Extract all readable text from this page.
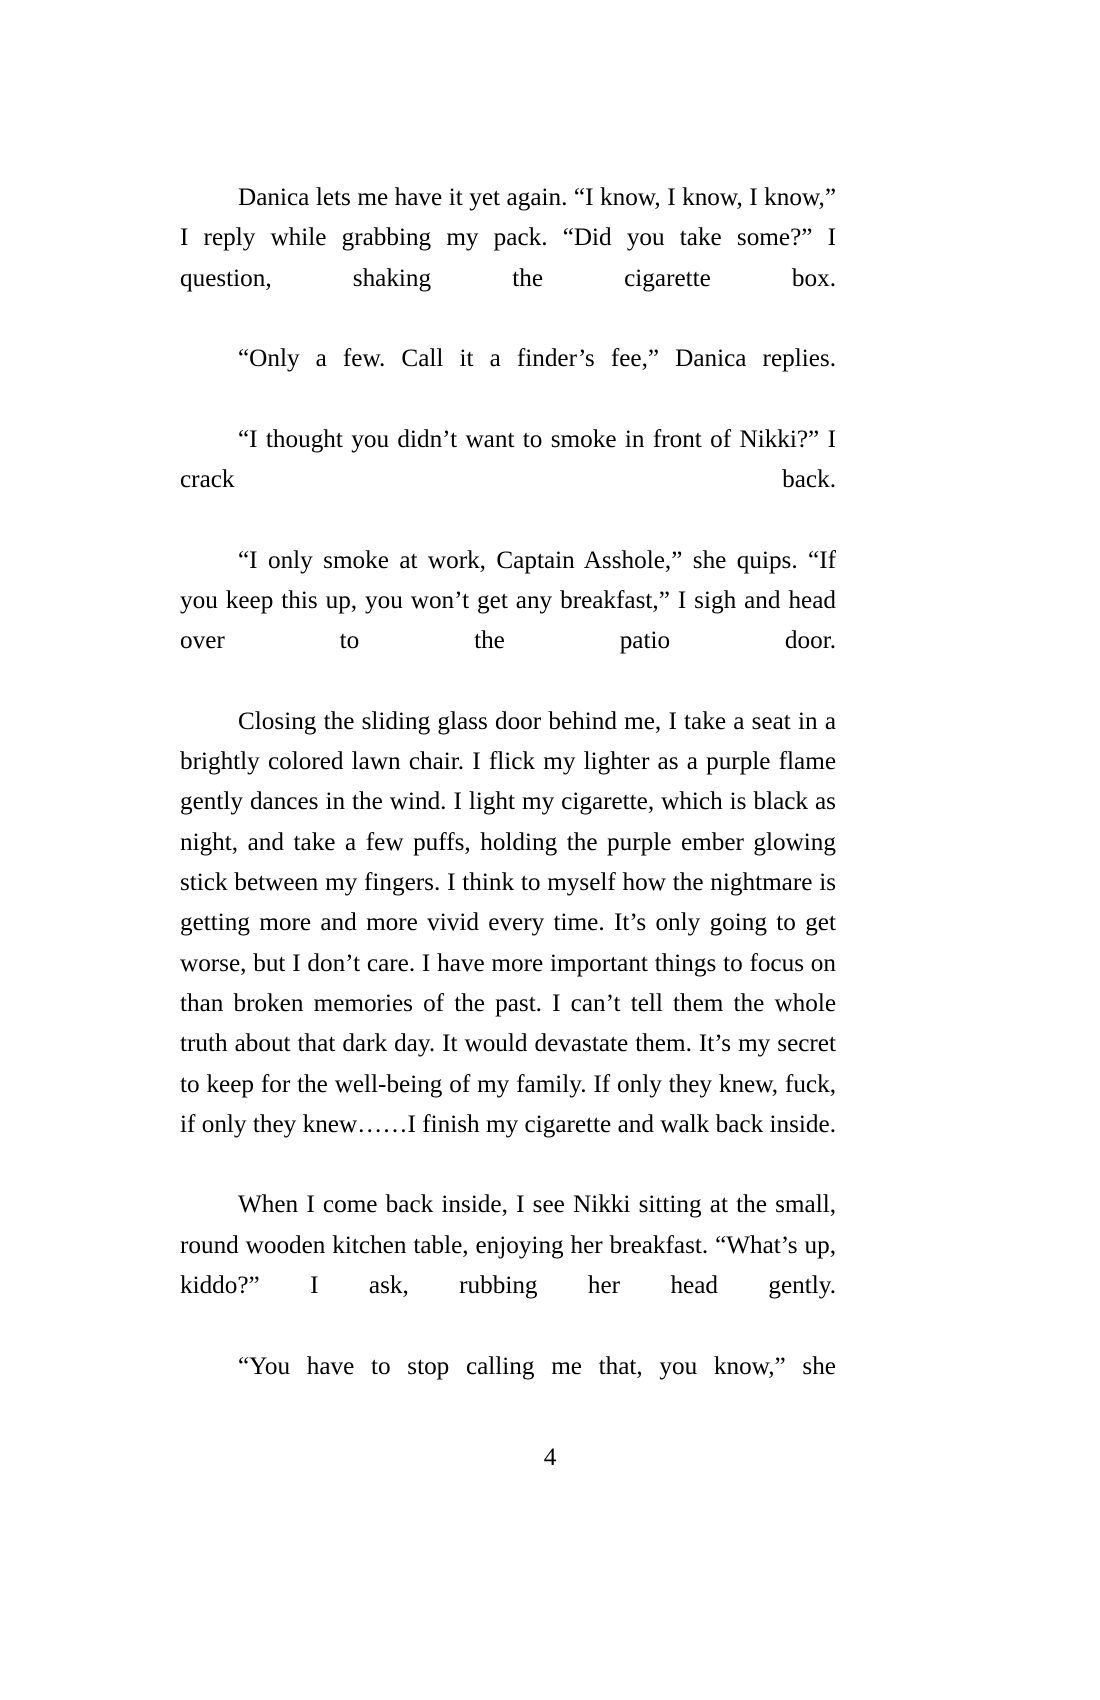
Danica lets me have it yet again. “I know, I know, I know,” I reply while grabbing my pack. “Did you take some?” I question, shaking the cigarette box.

“Only a few. Call it a finder’s fee,” Danica replies.

“I thought you didn’t want to smoke in front of Nikki?” I crack back.

“I only smoke at work, Captain Asshole,” she quips. “If you keep this up, you won’t get any breakfast,” I sigh and head over to the patio door.

Closing the sliding glass door behind me, I take a seat in a brightly colored lawn chair. I flick my lighter as a purple flame gently dances in the wind. I light my cigarette, which is black as night, and take a few puffs, holding the purple ember glowing stick between my fingers. I think to myself how the nightmare is getting more and more vivid every time. It’s only going to get worse, but I don’t care. I have more important things to focus on than broken memories of the past. I can’t tell them the whole truth about that dark day. It would devastate them. It’s my secret to keep for the well-being of my family. If only they knew, fuck, if only they knew……I finish my cigarette and walk back inside.

When I come back inside, I see Nikki sitting at the small, round wooden kitchen table, enjoying her breakfast. “What’s up, kiddo?” I ask, rubbing her head gently.

“You have to stop calling me that, you know,” she

4
